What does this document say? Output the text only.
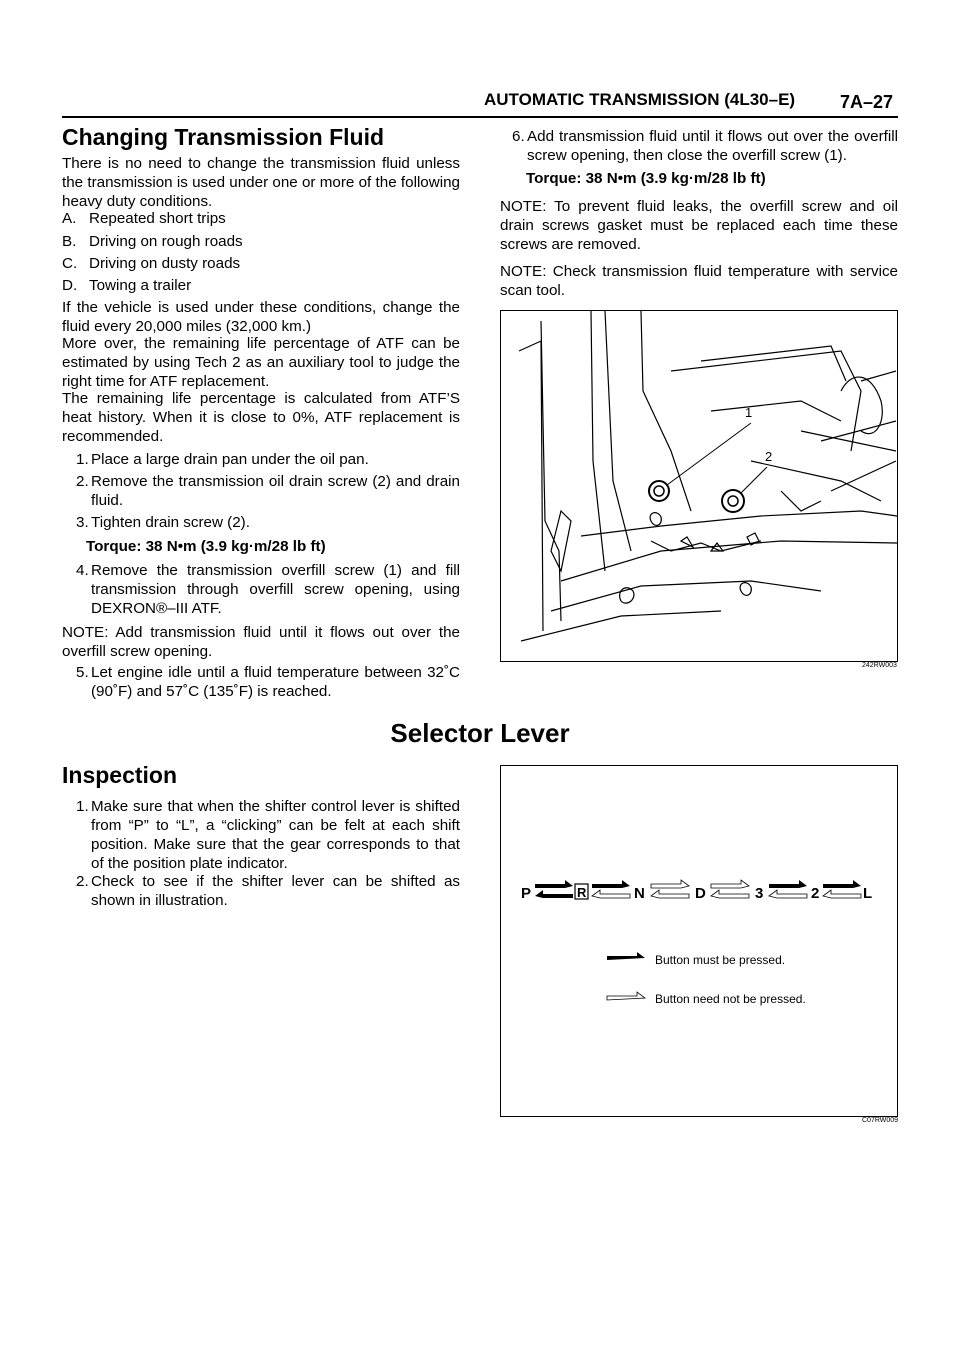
AUTOMATIC TRANSMISSION (4L30–E) 7A–27
Changing Transmission Fluid
There is no need to change the transmission fluid unless the transmission is used under one or more of the following heavy duty conditions.
A. Repeated short trips
B. Driving on rough roads
C. Driving on dusty roads
D. Towing a trailer
If the vehicle is used under these conditions, change the fluid every 20,000 miles (32,000 km.)
More over, the remaining life percentage of ATF can be estimated by using Tech 2 as an auxiliary tool to judge the right time for ATF replacement.
The remaining life percentage is calculated from ATF’S heat history. When it is close to 0%, ATF replacement is recommended.
1. Place a large drain pan under the oil pan.
2. Remove the transmission oil drain screw (2) and drain fluid.
3. Tighten drain screw (2).
Torque: 38 N•m (3.9 kg·m/28 lb ft)
4. Remove the transmission overfill screw (1) and fill transmission through overfill screw opening, using DEXRON®–III ATF.
NOTE: Add transmission fluid until it flows out over the overfill screw opening.
5. Let engine idle until a fluid temperature between 32˚C (90˚F) and 57˚C (135˚F) is reached.
6. Add transmission fluid until it flows out over the overfill screw opening, then close the overfill screw (1).
Torque: 38 N•m (3.9 kg·m/28 lb ft)
NOTE: To prevent fluid leaks, the overfill screw and oil drain screws gasket must be replaced each time these screws are removed.
NOTE: Check transmission fluid temperature with service scan tool.
1
2
242RW003
Selector Lever
Inspection
1. Make sure that when the shifter control lever is shifted from “P” to “L”, a “clicking” can be felt at each shift position. Make sure that the gear corresponds to that of the position plate indicator.
2. Check to see if the shifter lever can be shifted as shown in illustration.	P	R	N	D	3	2	L
Button must be pressed.
Button need not be pressed.
C07RW009
